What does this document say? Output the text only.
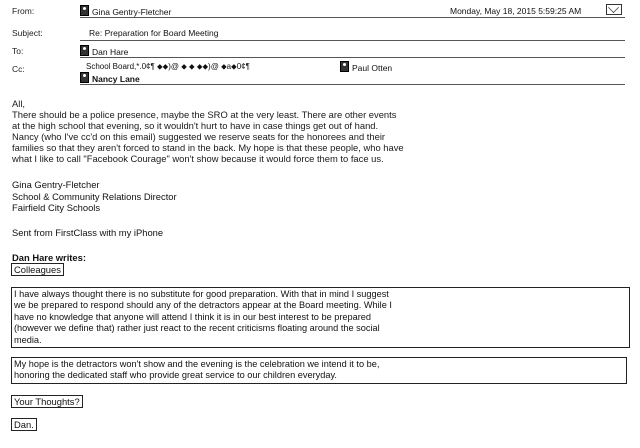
From:	Gina Gentry-Fletcher	Monday, May 18, 2015 5:59:25 AM
Subject:	Re: Preparation for Board Meeting
To:	Dan Hare
Cc:	School Board,*.0¢¶ ⬥⬥)@ ⬥ ⬥ ⬥⬥)@ ⬥a⬥0¢¶	Paul Otten
Nancy Lane
All,
There should be a police presence, maybe the SRO at the very least. There are other events
at the high school that evening, so it wouldn't hurt to have in case things get out of hand.
Nancy (who I've cc'd on this email) suggested we reserve seats for the honorees and their
families so that they aren't forced to stand in the back. My hope is that these people, who have
what I like to call "Facebook Courage" won't show because it would force them to face us.
Gina Gentry-Fletcher
School & Community Relations Director
Fairfield City Schools
Sent from FirstClass with my iPhone
Dan Hare writes:
Colleagues
I have always thought there is no substitute for good preparation. With that in mind I suggest
we be prepared to respond should any of the detractors appear at the Board meeting. While I
have no knowledge that anyone will attend I think it is in our best interest to be prepared
(however we define that) rather just react to the recent criticisms floating around the social
media.
My hope is the detractors won't show and the evening is the celebration we intend it to be,
honoring the dedicated staff who provide great service to our children everyday.
Your Thoughts?
Dan.
